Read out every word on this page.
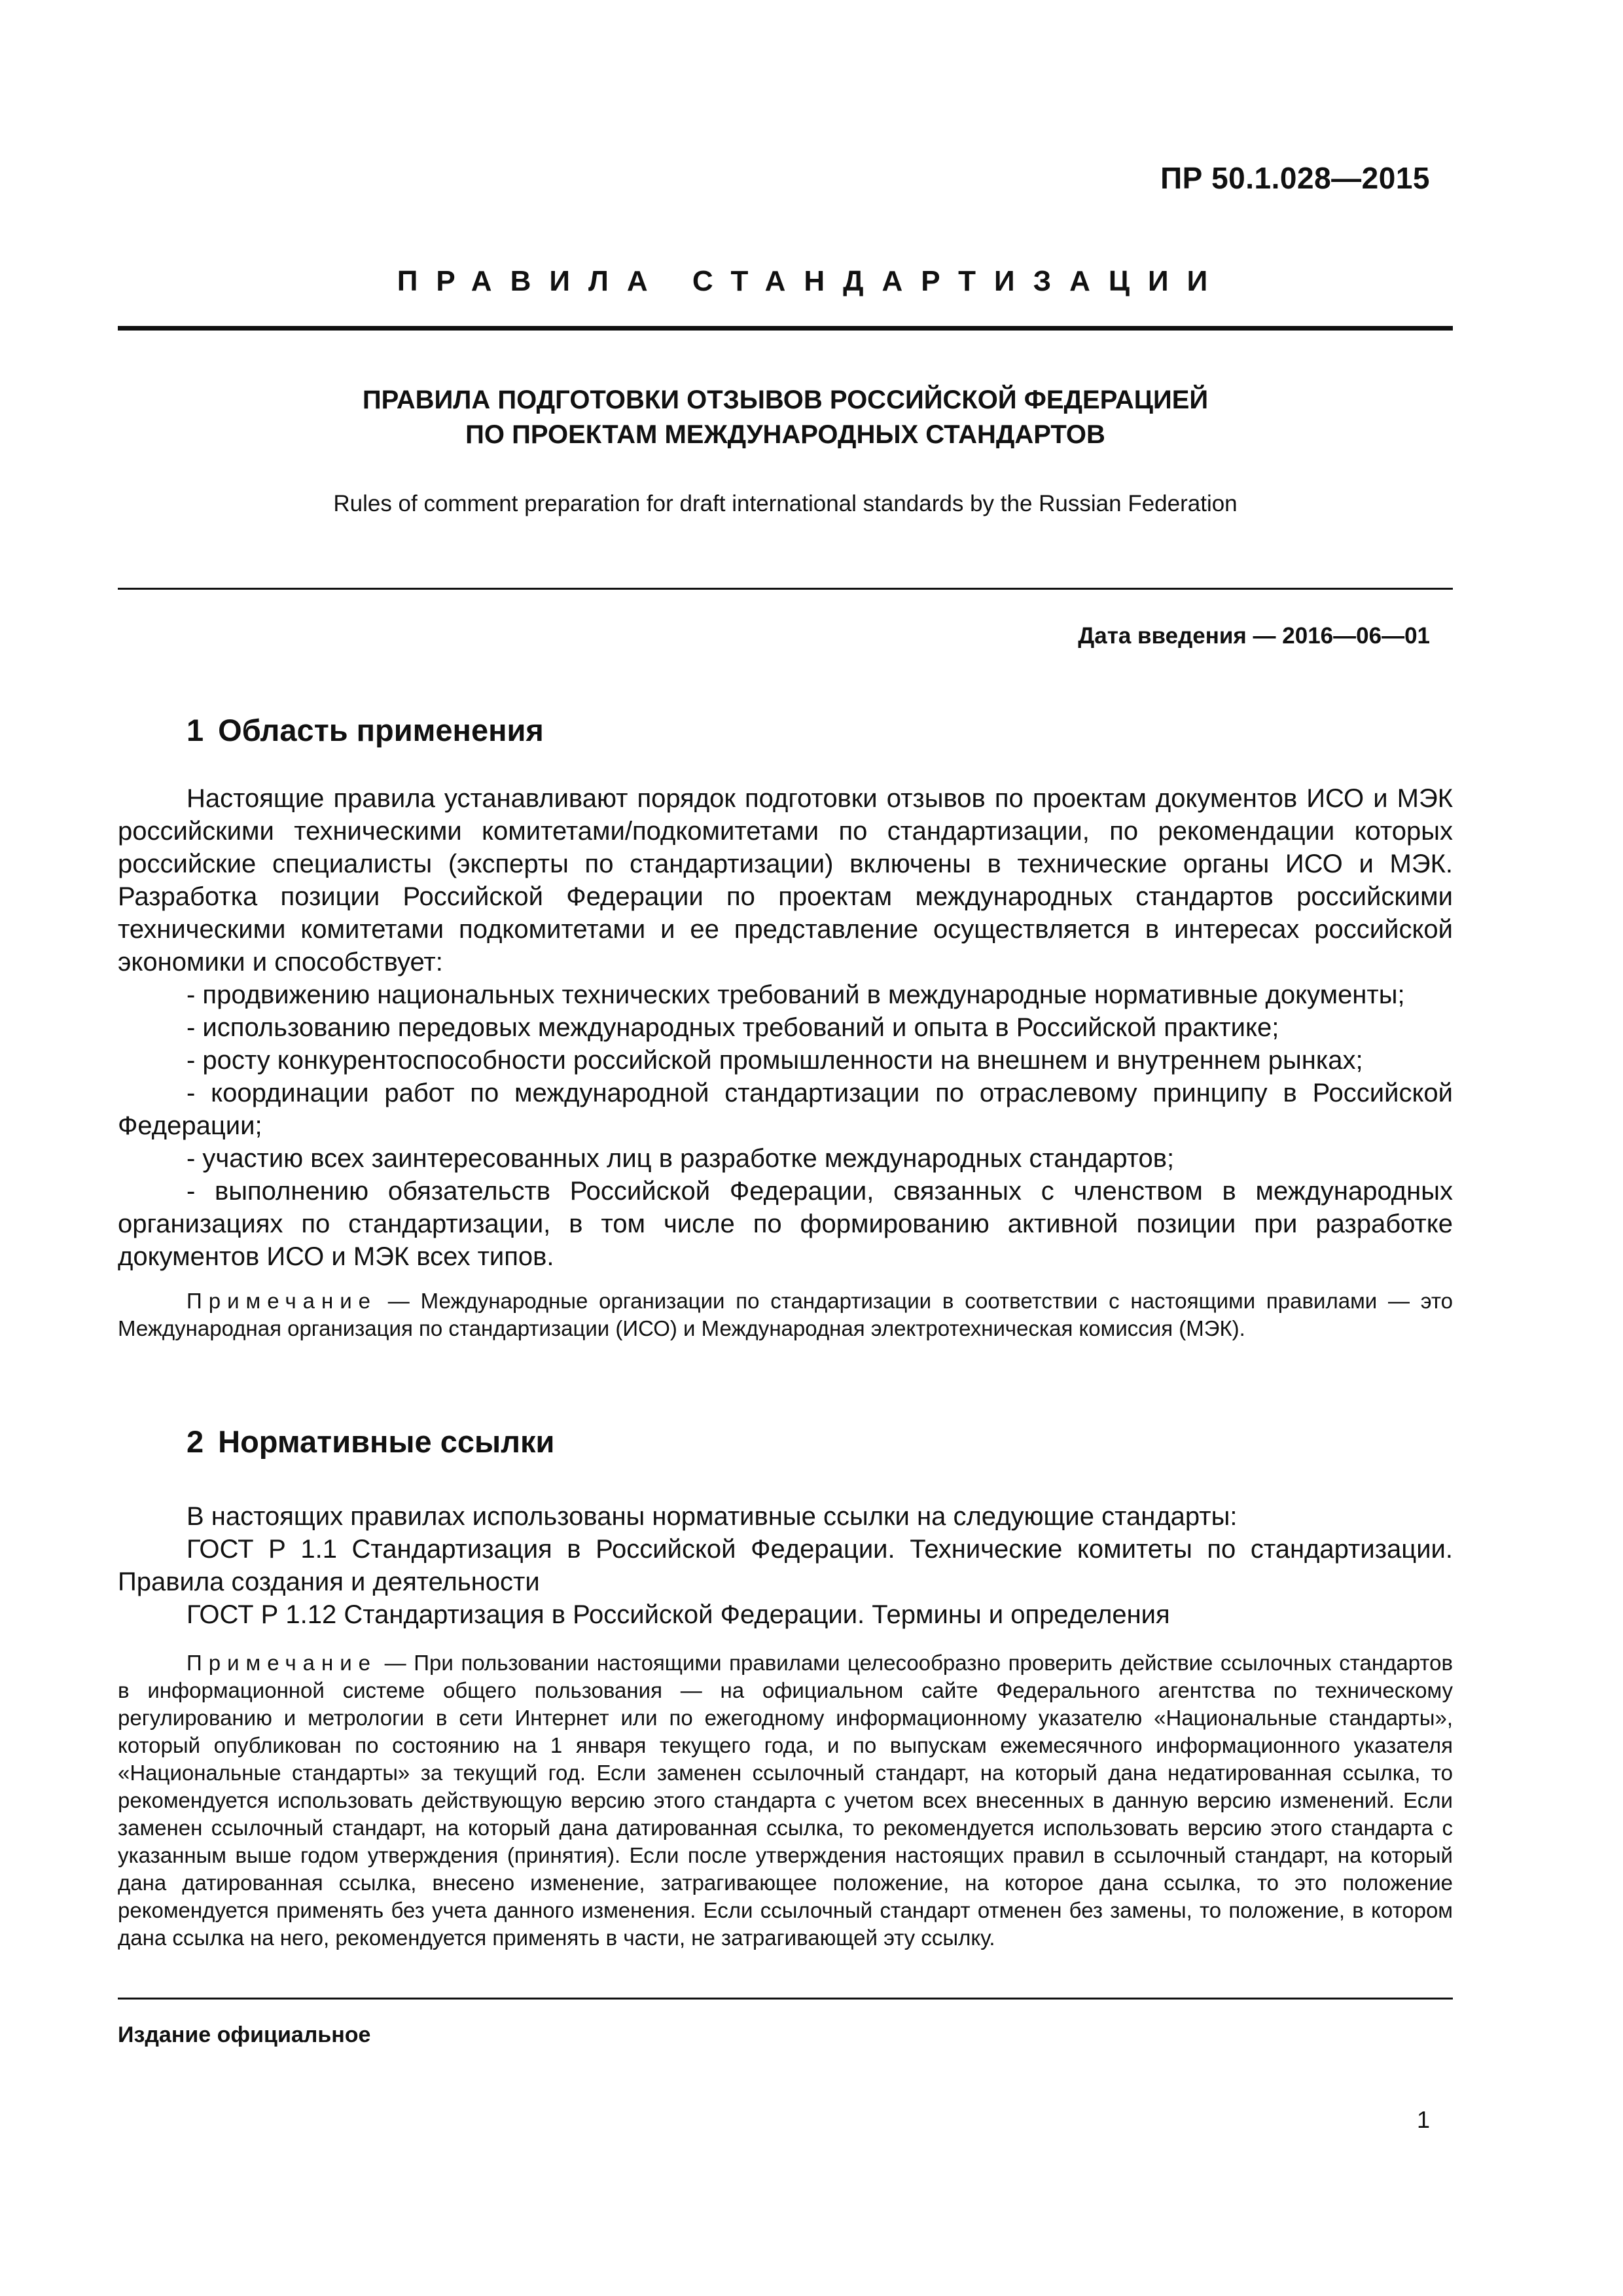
ПР 50.1.028—2015
ПРАВИЛА СТАНДАРТИЗАЦИИ
ПРАВИЛА ПОДГОТОВКИ ОТЗЫВОВ РОССИЙСКОЙ ФЕДЕРАЦИЕЙ
ПО ПРОЕКТАМ МЕЖДУНАРОДНЫХ СТАНДАРТОВ
Rules of comment preparation for draft international standards by the Russian Federation
Дата введения — 2016—06—01
1 Область применения

Настоящие правила устанавливают порядок подготовки отзывов по проектам документов ИСО и МЭК российскими техническими комитетами/подкомитетами по стандартизации, по рекомендации которых российские специалисты (эксперты по стандартизации) включены в технические органы ИСО и МЭК. Разработка позиции Российской Федерации по проектам международных стандартов российскими техническими комитетами подкомитетами и ее представление осуществляется в интересах российской экономики и способствует:

- продвижению национальных технических требований в международные нормативные документы;

- использованию передовых международных требований и опыта в Российской практике;

- росту конкурентоспособности российской промышленности на внешнем и внутреннем рынках;

- координации работ по международной стандартизации по отраслевому принципу в Российской Федерации;

- участию всех заинтересованных лиц в разработке международных стандартов;

- выполнению обязательств Российской Федерации, связанных с членством в международных организациях по стандартизации, в том числе по формированию активной позиции при разработке документов ИСО и МЭК всех типов.

Примечание — Международные организации по стандартизации в соответствии с настоящими правилами — это Международная организация по стандартизации (ИСО) и Международная электротехническая комиссия (МЭК).

2 Нормативные ссылки

В настоящих правилах использованы нормативные ссылки на следующие стандарты:

ГОСТ Р 1.1 Стандартизация в Российской Федерации. Технические комитеты по стандартизации. Правила создания и деятельности

ГОСТ Р 1.12 Стандартизация в Российской Федерации. Термины и определения

Примечание — При пользовании настоящими правилами целесообразно проверить действие ссылочных стандартов в информационной системе общего пользования — на официальном сайте Федерального агентства по техническому регулированию и метрологии в сети Интернет или по ежегодному информационному указателю «Национальные стандарты», который опубликован по состоянию на 1 января текущего года, и по выпускам ежемесячного информационного указателя «Национальные стандарты» за текущий год. Если заменен ссылочный стандарт, на который дана недатированная ссылка, то рекомендуется использовать действующую версию этого стандарта с учетом всех внесенных в данную версию изменений. Если заменен ссылочный стандарт, на который дана датированная ссылка, то рекомендуется использовать версию этого стандарта с указанным выше годом утверждения (принятия). Если после утверждения настоящих правил в ссылочный стандарт, на который дана датированная ссылка, внесено изменение, затрагивающее положение, на которое дана ссылка, то это положение рекомендуется применять без учета данного изменения. Если ссылочный стандарт отменен без замены, то положение, в котором дана ссылка на него, рекомендуется применять в части, не затрагивающей эту ссылку.

Издание официальное
1
